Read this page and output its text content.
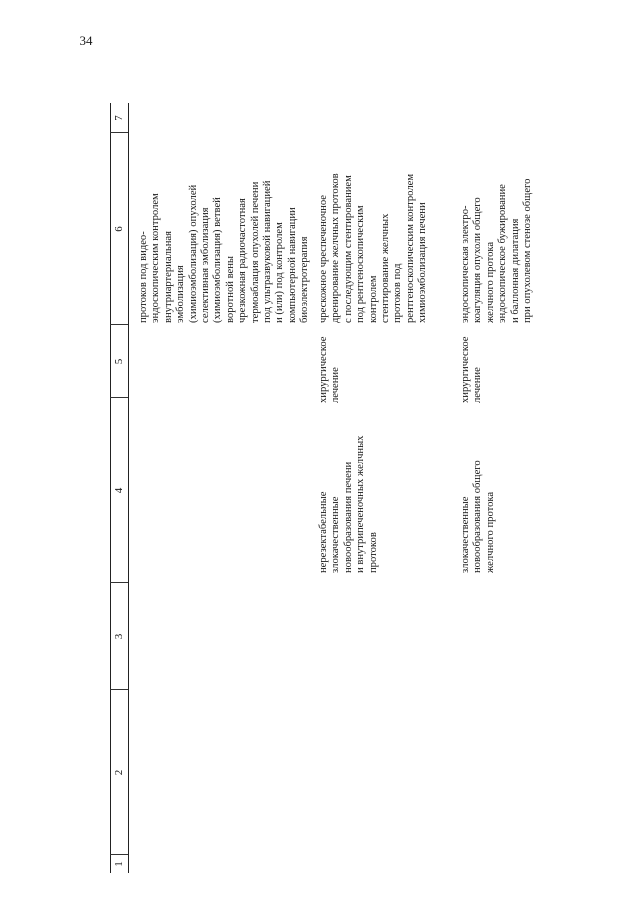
34
1
2
3
4
5
6
7
протоков под видео- эндоскопическим контролем внутриартериальная эмболизация (химиоэмболизация) опухолей селективная эмболизация (химиоэмболизация) ветвей воротной вены чрезкожная радиочастотная термоаблация опухолей печени под ультразвуковой навигацией и (или) под контролем компьютерной навигации биоэлектротерапия
нерезектабельные злокачественные новообразования печени и внутрипеченочных желчных протоков
хирургическое лечение
чрескожное чреспеченочное дренирование желчных протоков с последующим стентированием под рентгеноскопическим контролем стентирование желчных протоков под рентгеноскопическим контролем химиоэмболизация печени
злокачественные новообразования общего желчного протока
хирургическое лечение
эндоскопическая электро- коагуляция опухоли общего желчного протока эндоскопическое бужирование и баллонная дилатация при опухолевом стенозе общего
